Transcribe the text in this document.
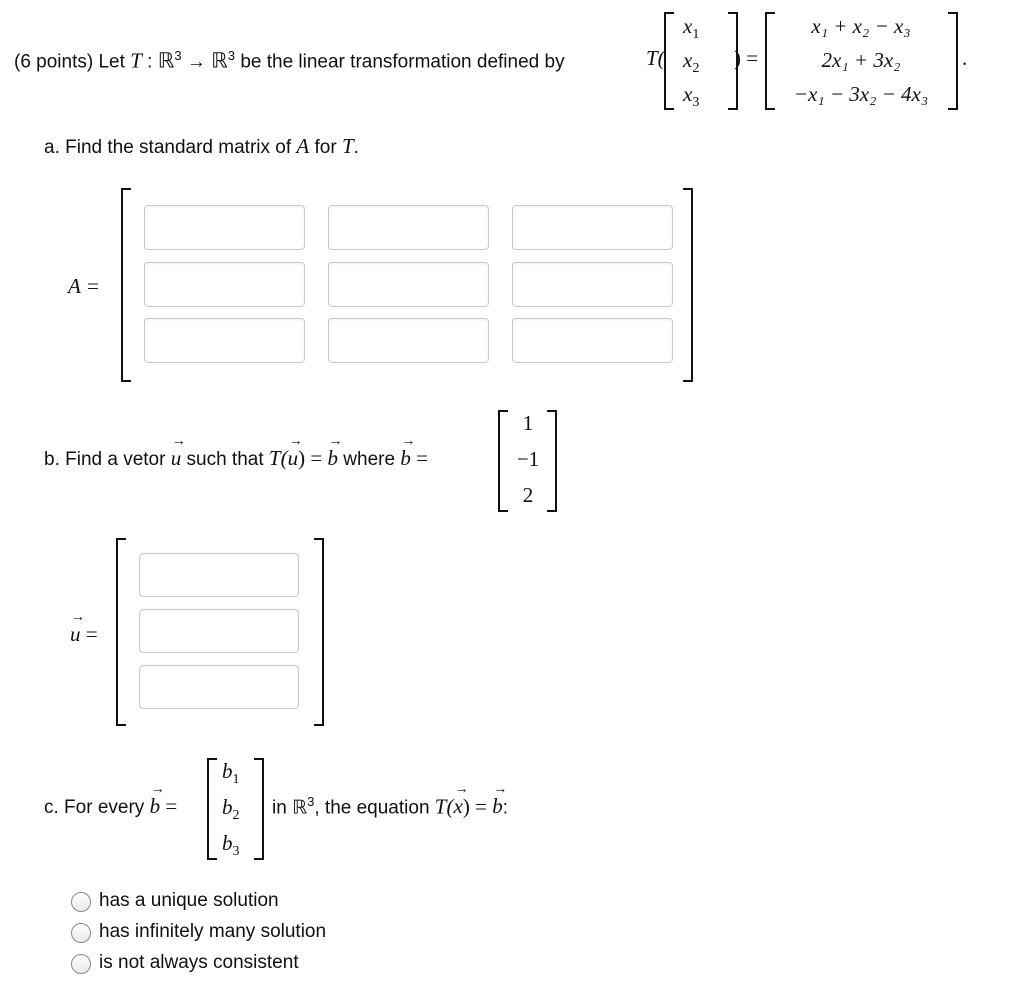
(6 points) Let T : ℝ$^3$ → ℝ$^3$ be the linear transformation defined by	T(
$x_1$
$x_2$
$x_3$
) =
x₁ + x₂ − x₃
2x₁ + 3x₂
−x₁ − 3x₂ − 4x₃
.
a. Find the standard matrix of A for T.
A =
b. Find a vetor → u such that T(→ u) = → b where → b =
1
−1
2
→ u =
c. For every → b =
$b_1$
$b_2$
$b_3$
in ℝ$^3$, the equation T(→ x) = → b:
has a unique solution
has infinitely many solution
is not always consistent
